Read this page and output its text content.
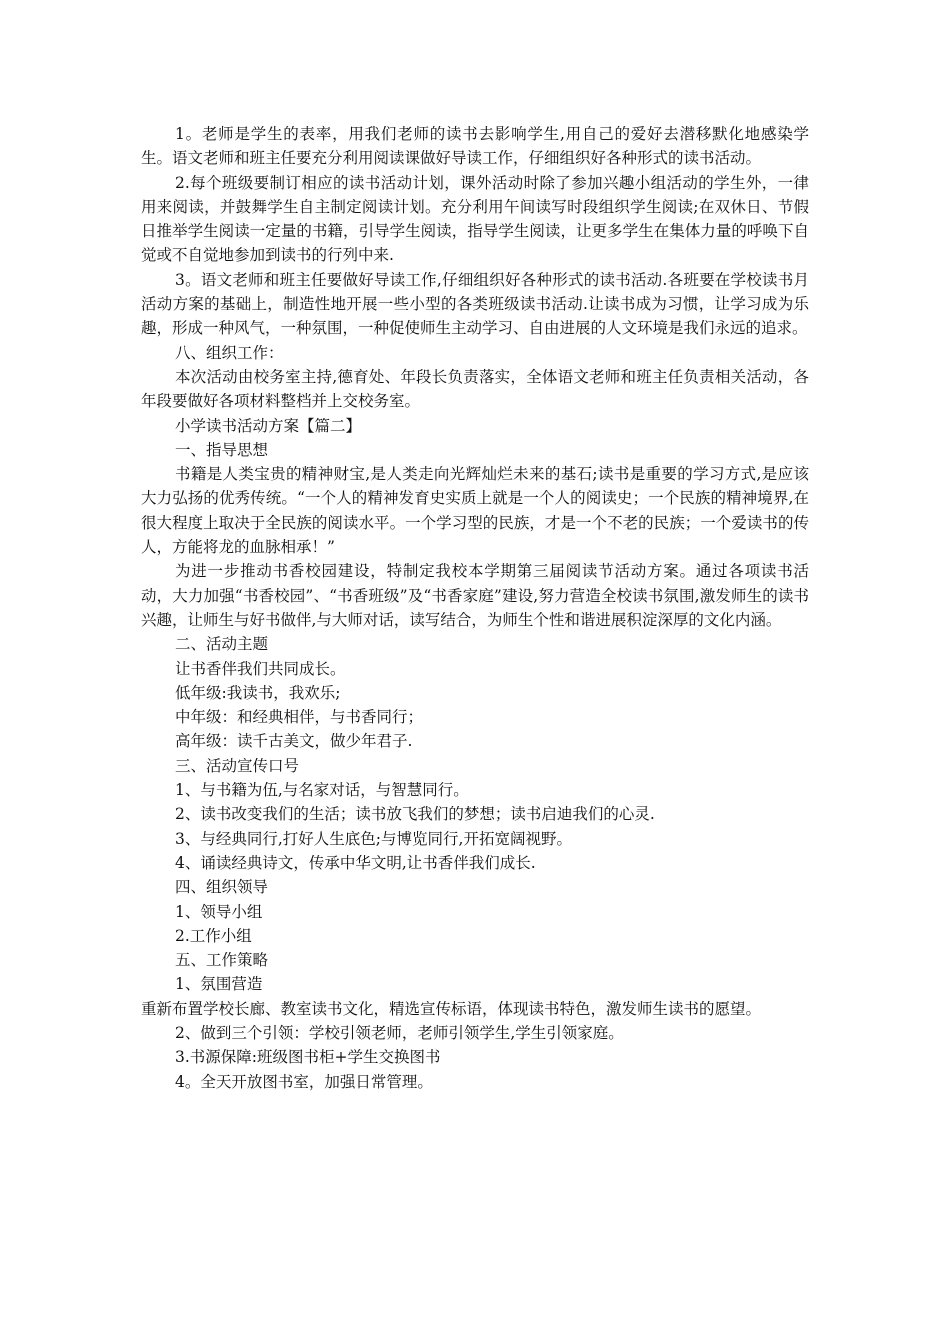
1。老师是学生的表率，用我们老师的读书去影响学生,用自己的爱好去潜移默化地感染学生。语文老师和班主任要充分利用阅读课做好导读工作，仔细组织好各种形式的读书活动。

2.每个班级要制订相应的读书活动计划，课外活动时除了参加兴趣小组活动的学生外，一律用来阅读，并鼓舞学生自主制定阅读计划。充分利用午间读写时段组织学生阅读;在双休日、节假日推举学生阅读一定量的书籍，引导学生阅读，指导学生阅读，让更多学生在集体力量的呼唤下自觉或不自觉地参加到读书的行列中来.

3。语文老师和班主任要做好导读工作,仔细组织好各种形式的读书活动.各班要在学校读书月活动方案的基础上，制造性地开展一些小型的各类班级读书活动.让读书成为习惯，让学习成为乐趣，形成一种风气，一种氛围，一种促使师生主动学习、自由进展的人文环境是我们永远的追求。

八、组织工作：

本次活动由校务室主持,德育处、年段长负责落实，全体语文老师和班主任负责相关活动，各年段要做好各项材料整档并上交校务室。

小学读书活动方案【篇二】

一、指导思想

书籍是人类宝贵的精神财宝,是人类走向光辉灿烂未来的基石;读书是重要的学习方式,是应该大力弘扬的优秀传统。“一个人的精神发育史实质上就是一个人的阅读史；一个民族的精神境界,在很大程度上取决于全民族的阅读水平。一个学习型的民族，才是一个不老的民族；一个爱读书的传人，方能将龙的血脉相承！”

为进一步推动书香校园建设，特制定我校本学期第三届阅读节活动方案。通过各项读书活动，大力加强“书香校园”、“书香班级”及“书香家庭”建设,努力营造全校读书氛围,激发师生的读书兴趣，让师生与好书做伴,与大师对话，读写结合，为师生个性和谐进展积淀深厚的文化内涵。

二、活动主题

让书香伴我们共同成长。

低年级:我读书，我欢乐;

中年级：和经典相伴，与书香同行；

高年级：读千古美文，做少年君子.

三、活动宣传口号

1、与书籍为伍,与名家对话，与智慧同行。

2、读书改变我们的生活；读书放飞我们的梦想；读书启迪我们的心灵.

3、与经典同行,打好人生底色;与博览同行,开拓宽阔视野。

4、诵读经典诗文，传承中华文明,让书香伴我们成长.

四、组织领导

1、领导小组

2.工作小组

五、工作策略

1、氛围营造

重新布置学校长廊、教室读书文化，精选宣传标语，体现读书特色，激发师生读书的愿望。

2、做到三个引领：学校引领老师，老师引领学生,学生引领家庭。

3.书源保障:班级图书柜+学生交换图书

4。全天开放图书室，加强日常管理。
